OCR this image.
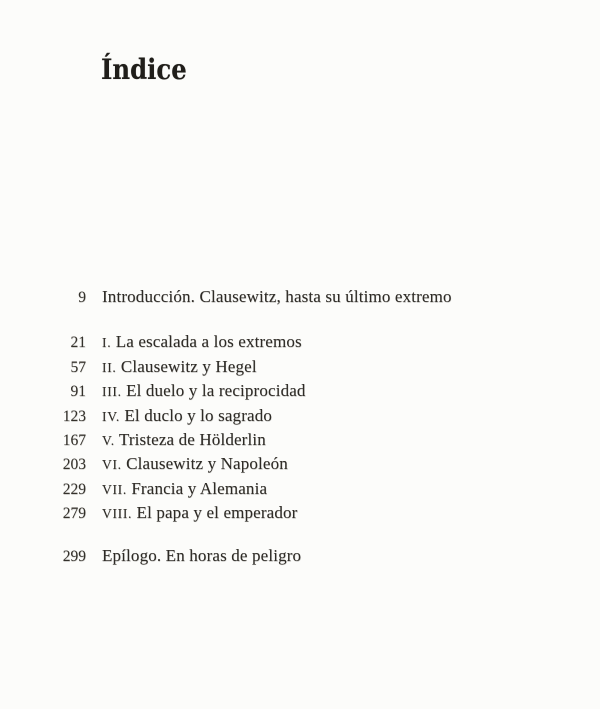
Índice
9 Introducción. Clausewitz, hasta su último extremo
21 I. La escalada a los extremos
57 II. Clausewitz y Hegel
91 III. El duelo y la reciprocidad
123 IV. El duclo y lo sagrado
167 V. Tristeza de Hölderlin
203 VI. Clausewitz y Napoleón
229 VII. Francia y Alemania
279 VIII. El papa y el emperador
299 Epílogo. En horas de peligro
